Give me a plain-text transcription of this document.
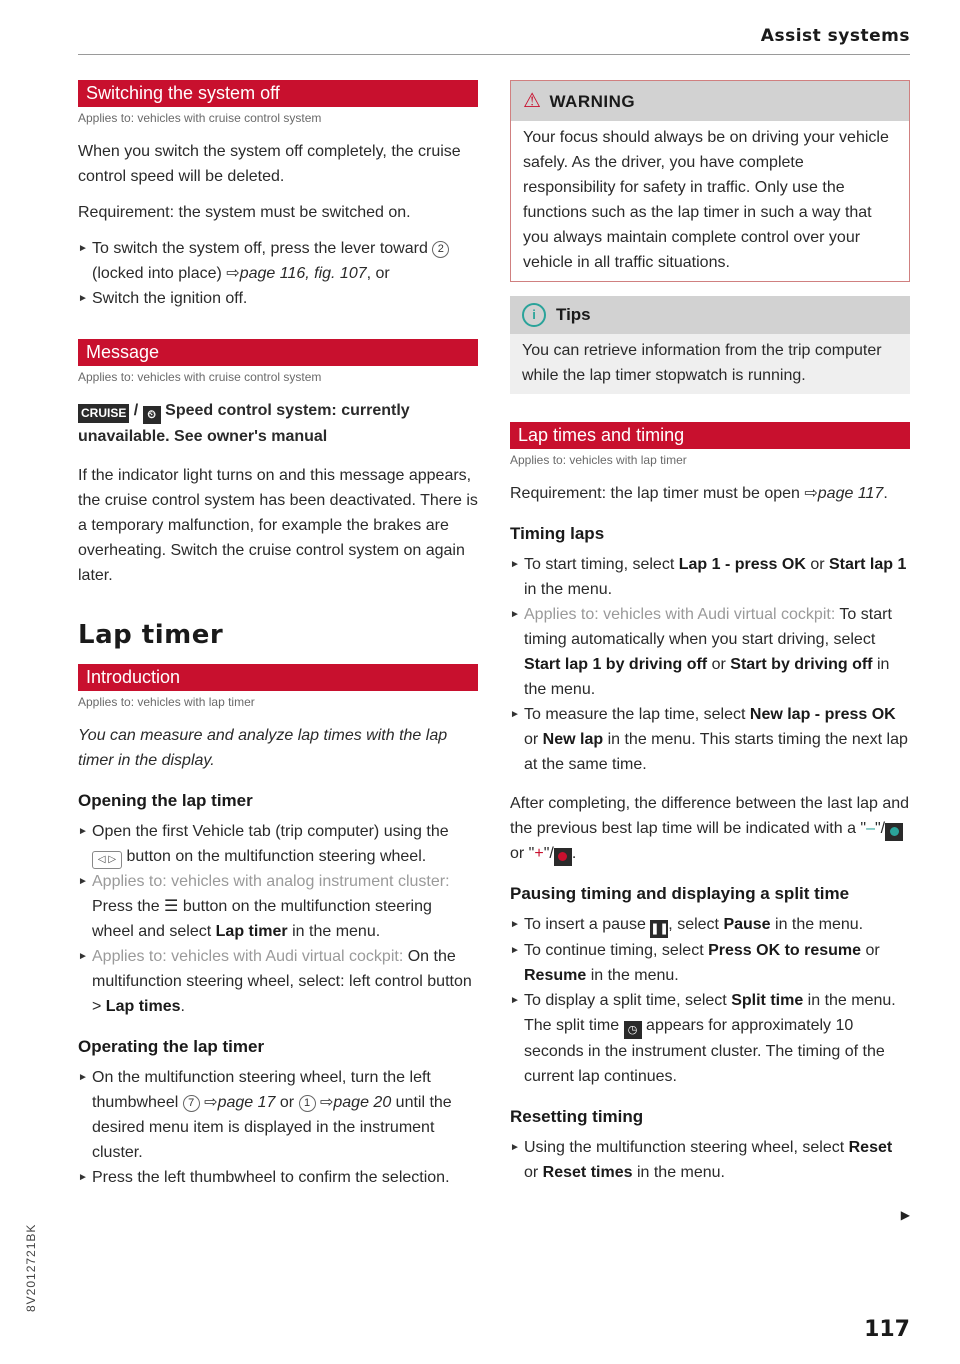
Assist systems
Switching the system off
Applies to: vehicles with cruise control system

When you switch the system off completely, the cruise control speed will be deleted.

Requirement: the system must be switched on.

► To switch the system off, press the lever toward 2 (locked into place) ⇨page 116, fig. 107, or
► Switch the ignition off.
Message
Applies to: vehicles with cruise control system
CRUISE / ⏲ Speed control system: currently unavailable. See owner's manual

If the indicator light turns on and this message appears, the cruise control system has been deactivated. There is a temporary malfunction, for example the brakes are overheating. Switch the cruise control system on again later.

Lap timer
Introduction
Applies to: vehicles with lap timer

You can measure and analyze lap times with the lap timer in the display.

Opening the lap timer
► Open the first Vehicle tab (trip computer) using the ◁ ▷ button on the multifunction steering wheel.
► Applies to: vehicles with analog instrument cluster: Press the ☰ button on the multifunction steering wheel and select Lap timer in the menu.
► Applies to: vehicles with Audi virtual cockpit: On the multifunction steering wheel, select: left control button > Lap times.
Operating the lap timer
► On the multifunction steering wheel, turn the left thumbwheel 7 ⇨page 17 or 1 ⇨page 20 until the desired menu item is displayed in the instrument cluster.
► Press the left thumbwheel to confirm the selection.
⚠ WARNING

Your focus should always be on driving your vehicle safely. As the driver, you have complete responsibility for safety in traffic. Only use the functions such as the lap timer in such a way that you always maintain complete control over your vehicle in all traffic situations.

i Tips

You can retrieve information from the trip computer while the lap timer stopwatch is running.

Lap times and timing
Applies to: vehicles with lap timer

Requirement: the lap timer must be open ⇨page 117.

Timing laps
► To start timing, select Lap 1 - press OK or Start lap 1 in the menu.
► Applies to: vehicles with Audi virtual cockpit: To start timing automatically when you start driving, select Start lap 1 by driving off or Start by driving off in the menu.
► To measure the lap time, select New lap - press OK or New lap in the menu. This starts timing the next lap at the same time.

After completing, the difference between the last lap and the previous best lap time will be indicated with a "–"/ or "+"/ .

Pausing timing and displaying a split time
► To insert a pause ❚❚, select Pause in the menu.
► To continue timing, select Press OK to resume or Resume in the menu.
► To display a split time, select Split time in the menu. The split time ◷ appears for approximately 10 seconds in the instrument cluster. The timing of the current lap continues.
Resetting timing
► Using the multifunction steering wheel, select Reset or Reset times in the menu.
▶
117
8V2012721BK
